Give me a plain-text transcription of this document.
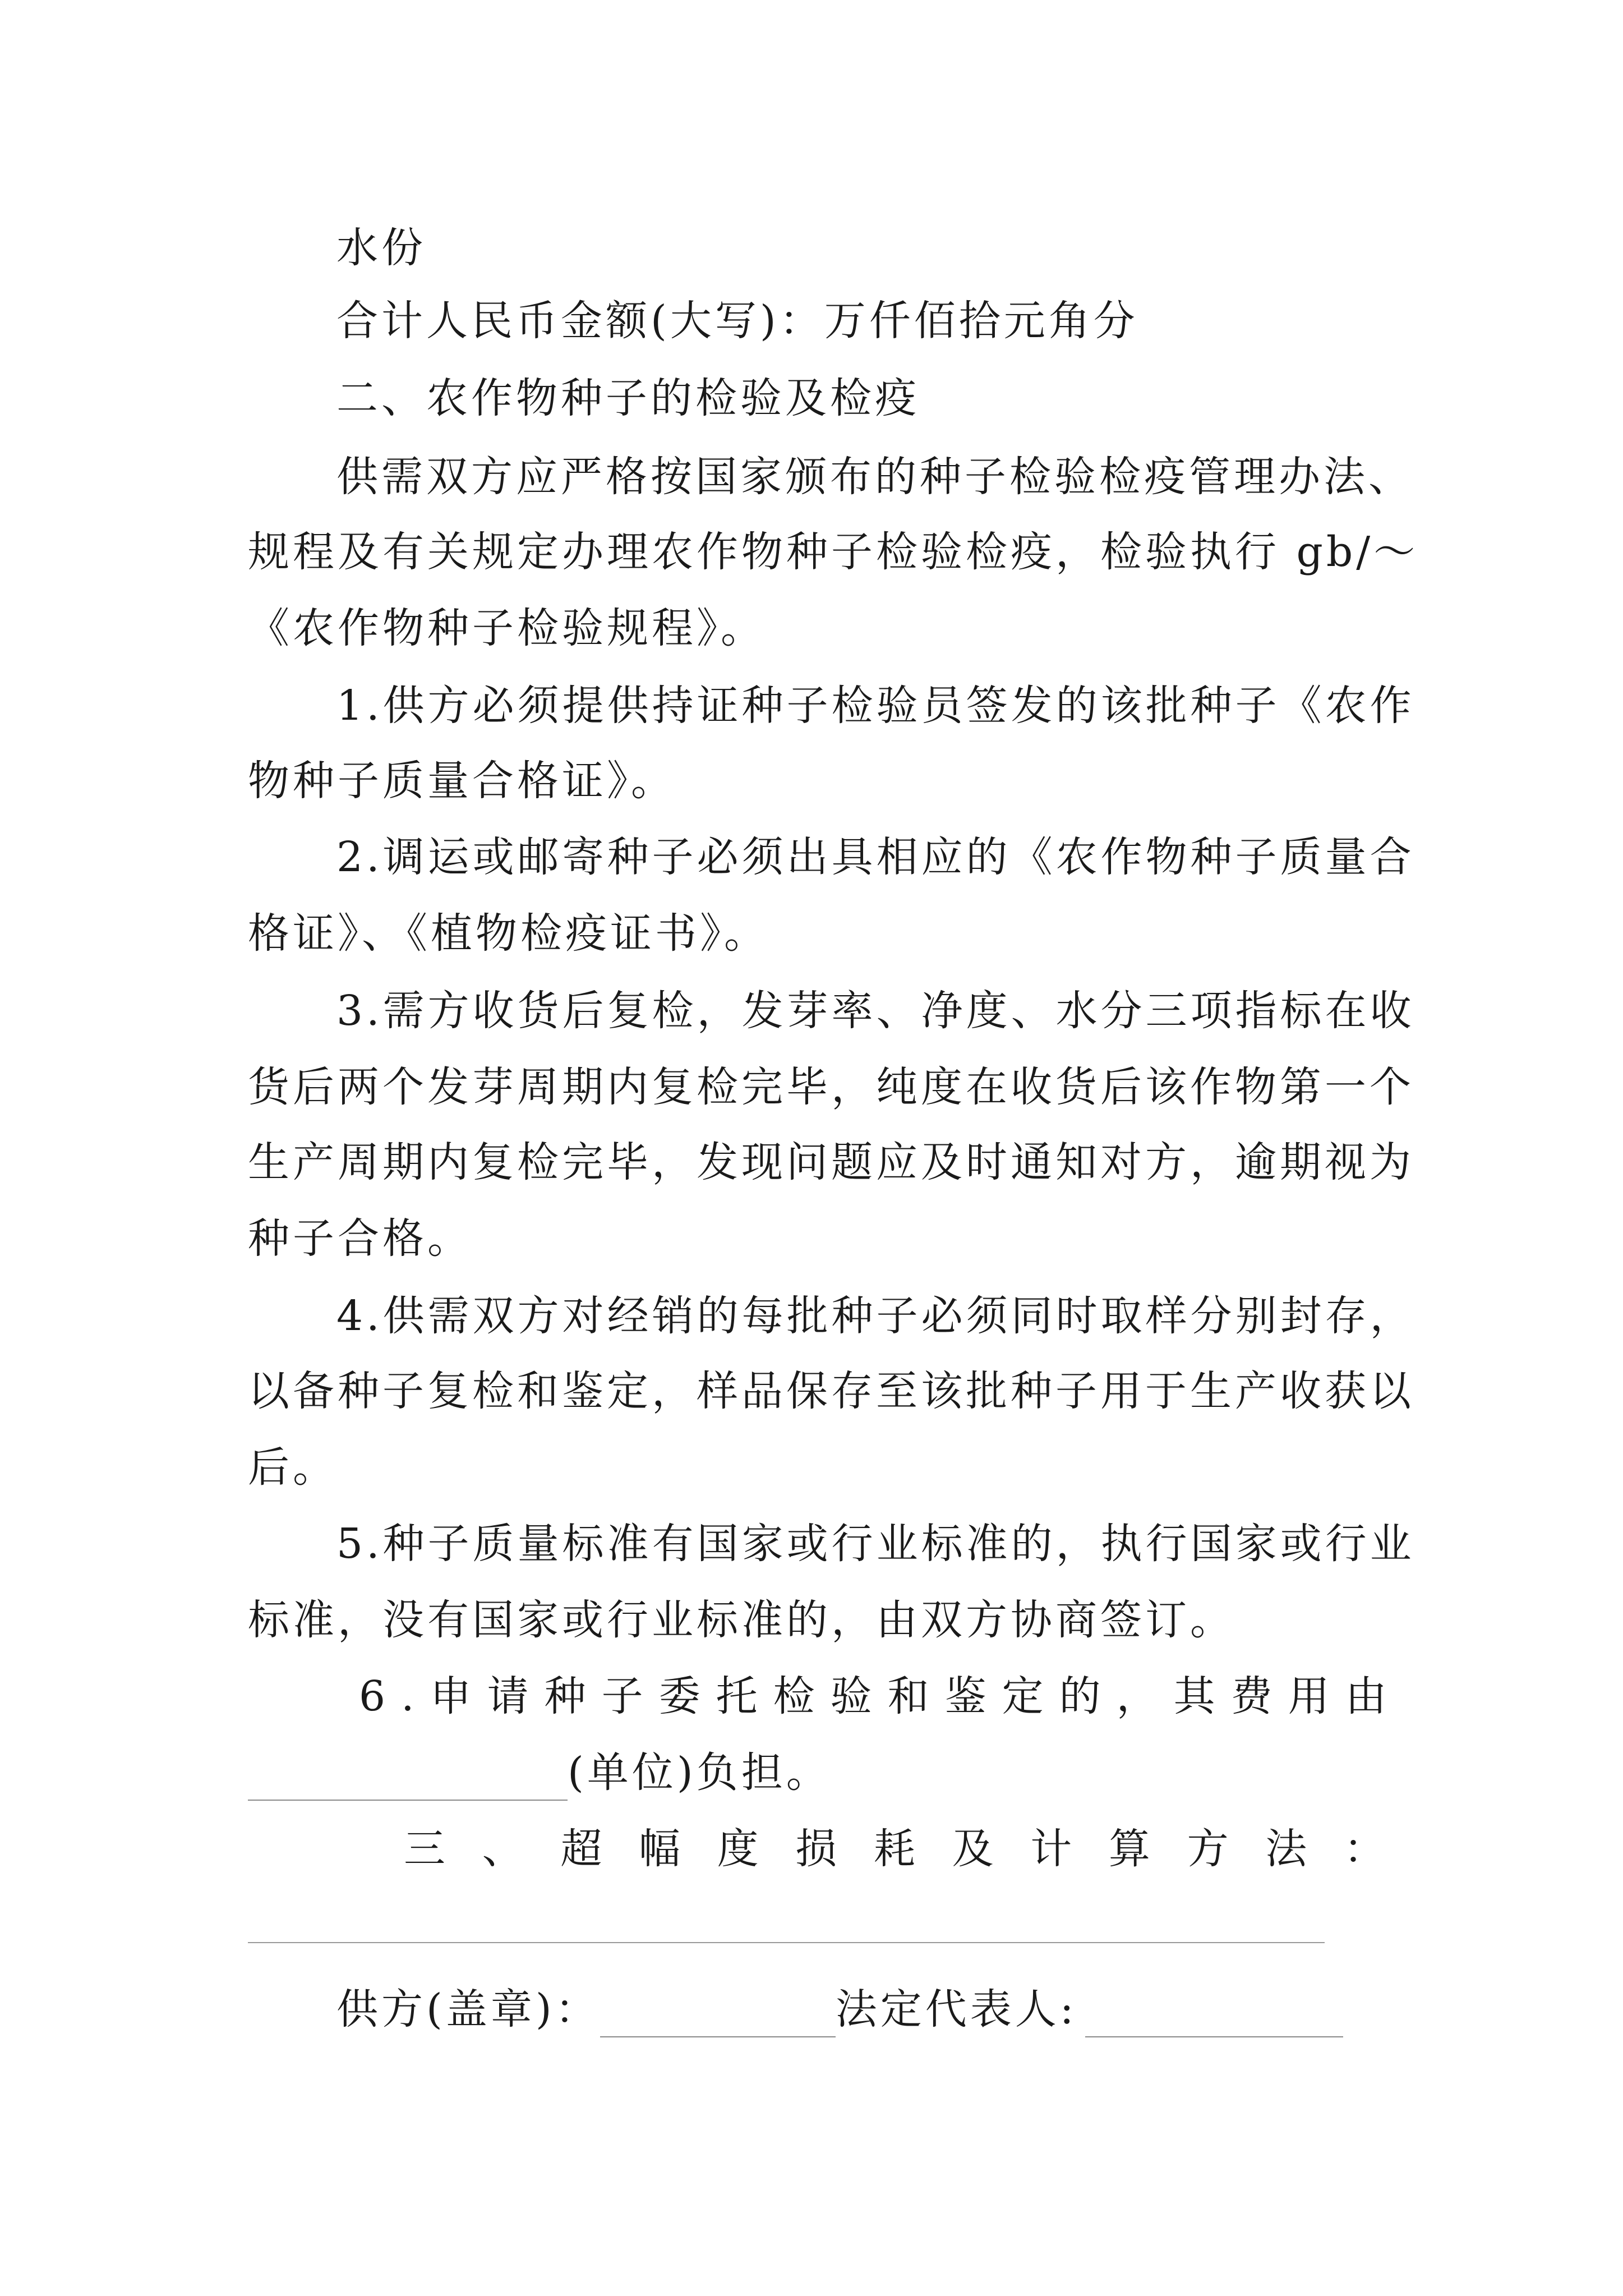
水份
合计人民币金额(大写)：万仟佰拾元角分
二、农作物种子的检验及检疫
供需双方应严格按国家颁布的种子检验检疫管理办法、
规程及有关规定办理农作物种子检验检疫，检验执行 gb/～
《农作物种子检验规程》。
1.供方必须提供持证种子检验员签发的该批种子《农作
物种子质量合格证》。
2.调运或邮寄种子必须出具相应的《农作物种子质量合
格证》、《植物检疫证书》。
3.需方收货后复检，发芽率、净度、水分三项指标在收
货后两个发芽周期内复检完毕，纯度在收货后该作物第一个
生产周期内复检完毕，发现问题应及时通知对方，逾期视为
种子合格。
4.供需双方对经销的每批种子必须同时取样分别封存，
以备种子复检和鉴定，样品保存至该批种子用于生产收获以
后。
5.种子质量标准有国家或行业标准的，执行国家或行业
标准，没有国家或行业标准的，由双方协商签订。
6.申请种子委托检验和鉴定的，其费用由
(单位)负担。
三 、 超 幅 度 损 耗 及 计 算 方 法 ：
供方(盖章)：	法定代表人:
